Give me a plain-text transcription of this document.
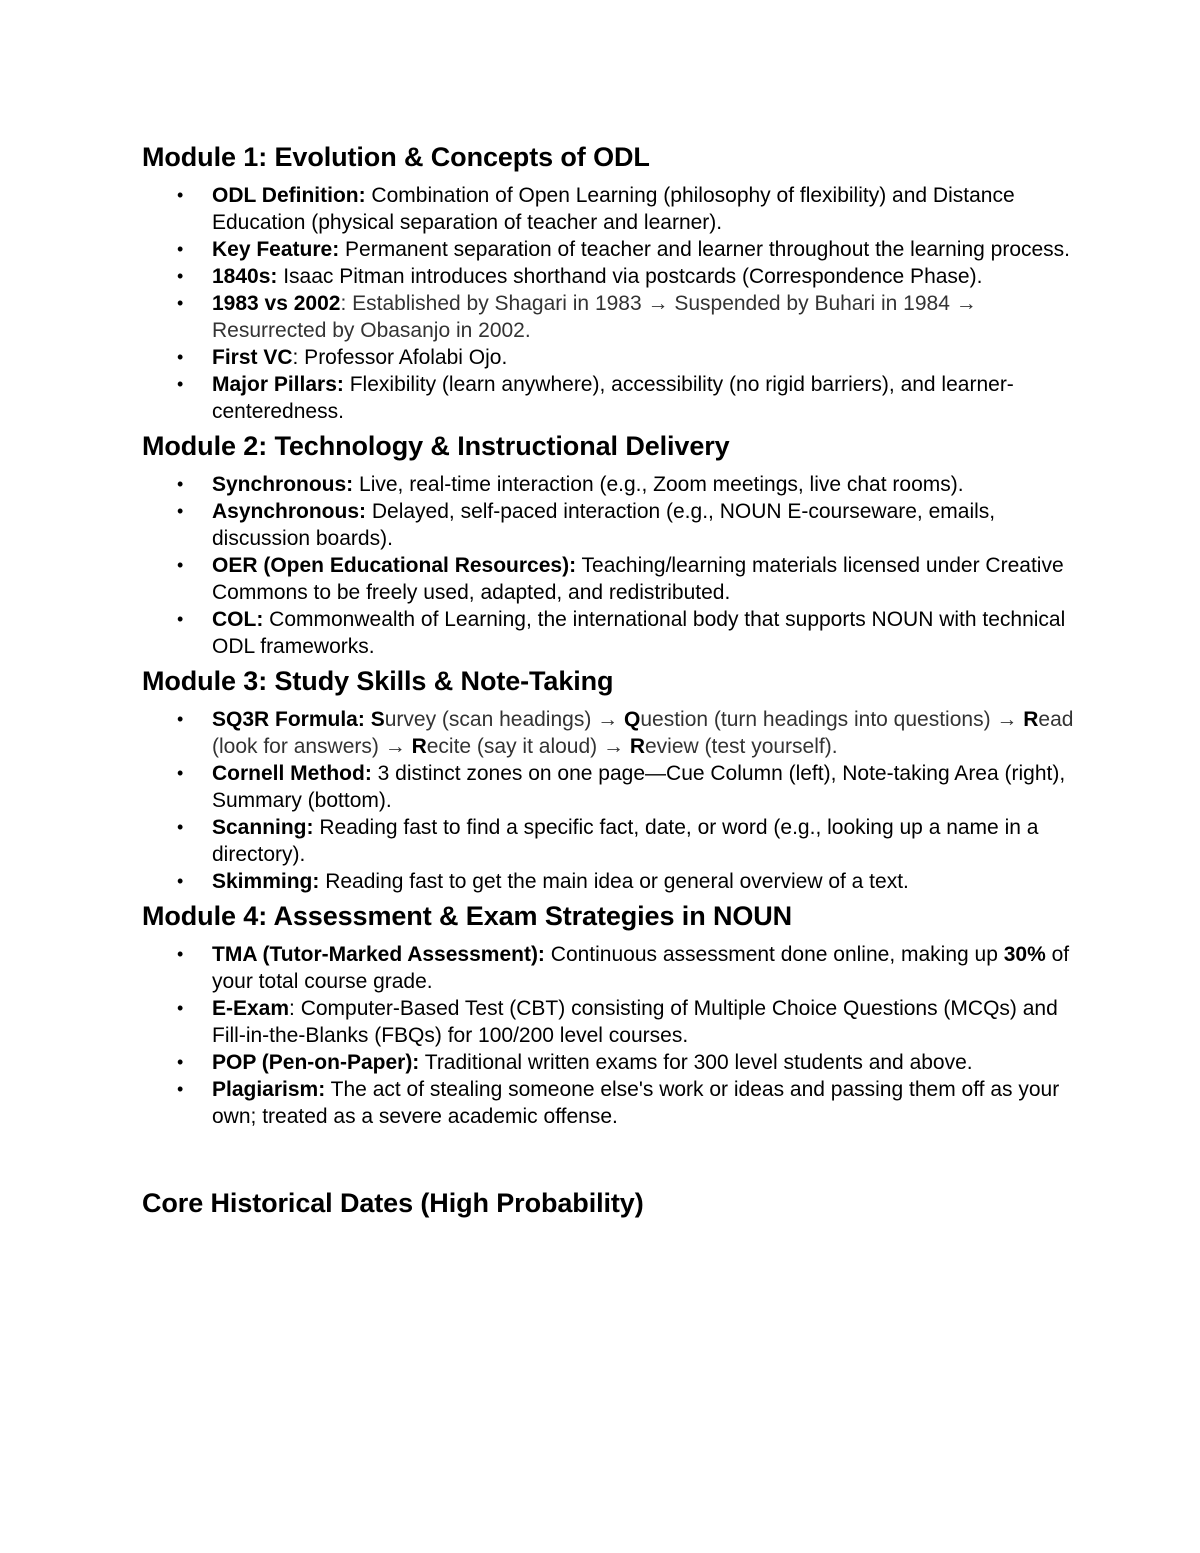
Module 1: Evolution & Concepts of ODL
• ODL Definition: Combination of Open Learning (philosophy of flexibility) and Distance Education (physical separation of teacher and learner).
• Key Feature: Permanent separation of teacher and learner throughout the learning process.
• 1840s: Isaac Pitman introduces shorthand via postcards (Correspondence Phase).
• 1983 vs 2002: Established by Shagari in 1983 → Suspended by Buhari in 1984 → Resurrected by Obasanjo in 2002.
• First VC: Professor Afolabi Ojo.
• Major Pillars: Flexibility (learn anywhere), accessibility (no rigid barriers), and learner-centeredness.
Module 2: Technology & Instructional Delivery
• Synchronous: Live, real-time interaction (e.g., Zoom meetings, live chat rooms).
• Asynchronous: Delayed, self-paced interaction (e.g., NOUN E-courseware, emails, discussion boards).
• OER (Open Educational Resources): Teaching/learning materials licensed under Creative Commons to be freely used, adapted, and redistributed.
• COL: Commonwealth of Learning, the international body that supports NOUN with technical ODL frameworks.
Module 3: Study Skills & Note-Taking
• SQ3R Formula: Survey (scan headings) → Question (turn headings into questions) → Read (look for answers) → Recite (say it aloud) → Review (test yourself).
• Cornell Method: 3 distinct zones on one page—Cue Column (left), Note-taking Area (right), Summary (bottom).
• Scanning: Reading fast to find a specific fact, date, or word (e.g., looking up a name in a directory).
• Skimming: Reading fast to get the main idea or general overview of a text.
Module 4: Assessment & Exam Strategies in NOUN
• TMA (Tutor-Marked Assessment): Continuous assessment done online, making up 30% of your total course grade.
• E-Exam: Computer-Based Test (CBT) consisting of Multiple Choice Questions (MCQs) and Fill-in-the-Blanks (FBQs) for 100/200 level courses.
• POP (Pen-on-Paper): Traditional written exams for 300 level students and above.
• Plagiarism: The act of stealing someone else's work or ideas and passing them off as your own; treated as a severe academic offense.
Core Historical Dates (High Probability)
